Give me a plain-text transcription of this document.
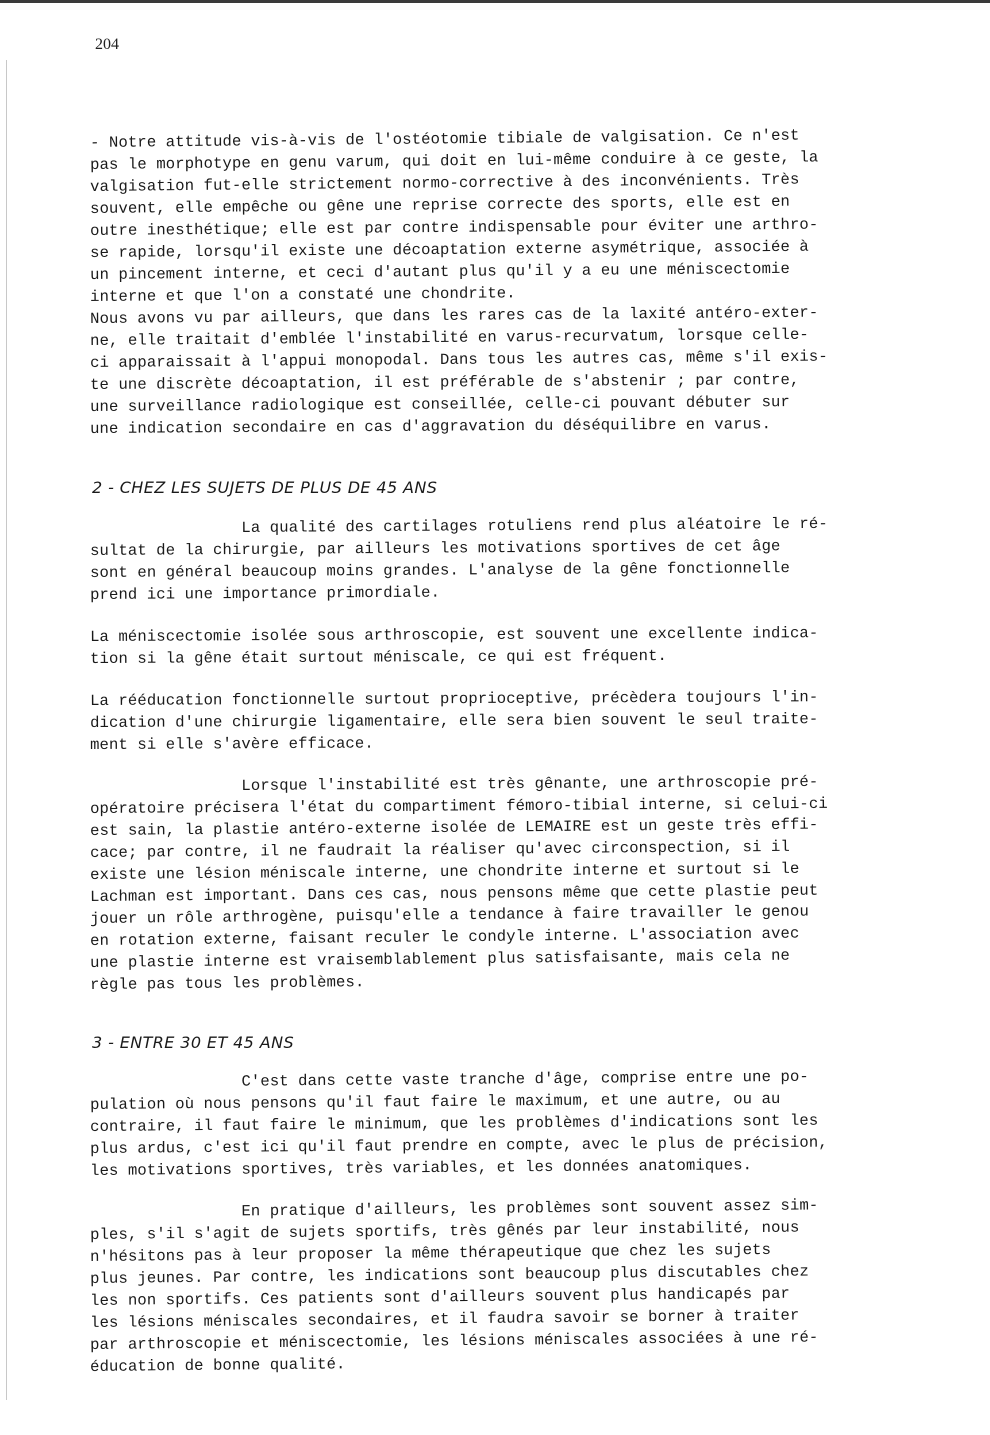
204
- Notre attitude vis-à-vis de l'ostéotomie tibiale de valgisation. Ce n'est
pas le morphotype en genu varum, qui doit en lui-même conduire à ce geste, la
valgisation fut-elle strictement normo-corrective à des inconvénients. Très
souvent, elle empêche ou gêne une reprise correcte des sports, elle est en
outre inesthétique; elle est par contre indispensable pour éviter une arthro-
se rapide, lorsqu'il existe une décoaptation externe asymétrique, associée à
un pincement interne, et ceci d'autant plus qu'il y a eu une méniscectomie
interne et que l'on a constaté une chondrite.
Nous avons vu par ailleurs, que dans les rares cas de la laxité antéro-exter-
ne, elle traitait d'emblée l'instabilité en varus-recurvatum, lorsque celle-
ci apparaissait à l'appui monopodal. Dans tous les autres cas, même s'il exis-
te une discrète décoaptation, il est préférable de s'abstenir ; par contre,
une surveillance radiologique est conseillée, celle-ci pouvant débuter sur
une indication secondaire en cas d'aggravation du déséquilibre en varus.
2 - CHEZ LES SUJETS DE PLUS DE 45 ANS
La qualité des cartilages rotuliens rend plus aléatoire le ré-
sultat de la chirurgie, par ailleurs les motivations sportives de cet âge
sont en général beaucoup moins grandes. L'analyse de la gêne fonctionnelle
prend ici une importance primordiale.
La méniscectomie isolée sous arthroscopie, est souvent une excellente indica-
tion si la gêne était surtout méniscale, ce qui est fréquent.
La rééducation fonctionnelle surtout proprioceptive, précèdera toujours l'in-
dication d'une chirurgie ligamentaire, elle sera bien souvent le seul traite-
ment si elle s'avère efficace.
Lorsque l'instabilité est très gênante, une arthroscopie pré-
opératoire précisera l'état du compartiment fémoro-tibial interne, si celui-ci
est sain, la plastie antéro-externe isolée de LEMAIRE est un geste très effi-
cace; par contre, il ne faudrait la réaliser qu'avec circonspection, si il
existe une lésion méniscale interne, une chondrite interne et surtout si le
Lachman est important. Dans ces cas, nous pensons même que cette plastie peut
jouer un rôle arthrogène, puisqu'elle a tendance à faire travailler le genou
en rotation externe, faisant reculer le condyle interne. L'association avec
une plastie interne est vraisemblablement plus satisfaisante, mais cela ne
règle pas tous les problèmes.
3 - ENTRE 30 ET 45 ANS
C'est dans cette vaste tranche d'âge, comprise entre une po-
pulation où nous pensons qu'il faut faire le maximum, et une autre, ou au
contraire, il faut faire le minimum, que les problèmes d'indications sont les
plus ardus, c'est ici qu'il faut prendre en compte, avec le plus de précision,
les motivations sportives, très variables, et les données anatomiques.
En pratique d'ailleurs, les problèmes sont souvent assez sim-
ples, s'il s'agit de sujets sportifs, très gênés par leur instabilité, nous
n'hésitons pas à leur proposer la même thérapeutique que chez les sujets
plus jeunes. Par contre, les indications sont beaucoup plus discutables chez
les non sportifs. Ces patients sont d'ailleurs souvent plus handicapés par
les lésions méniscales secondaires, et il faudra savoir se borner à traiter
par arthroscopie et méniscectomie, les lésions méniscales associées à une ré-
éducation de bonne qualité.
